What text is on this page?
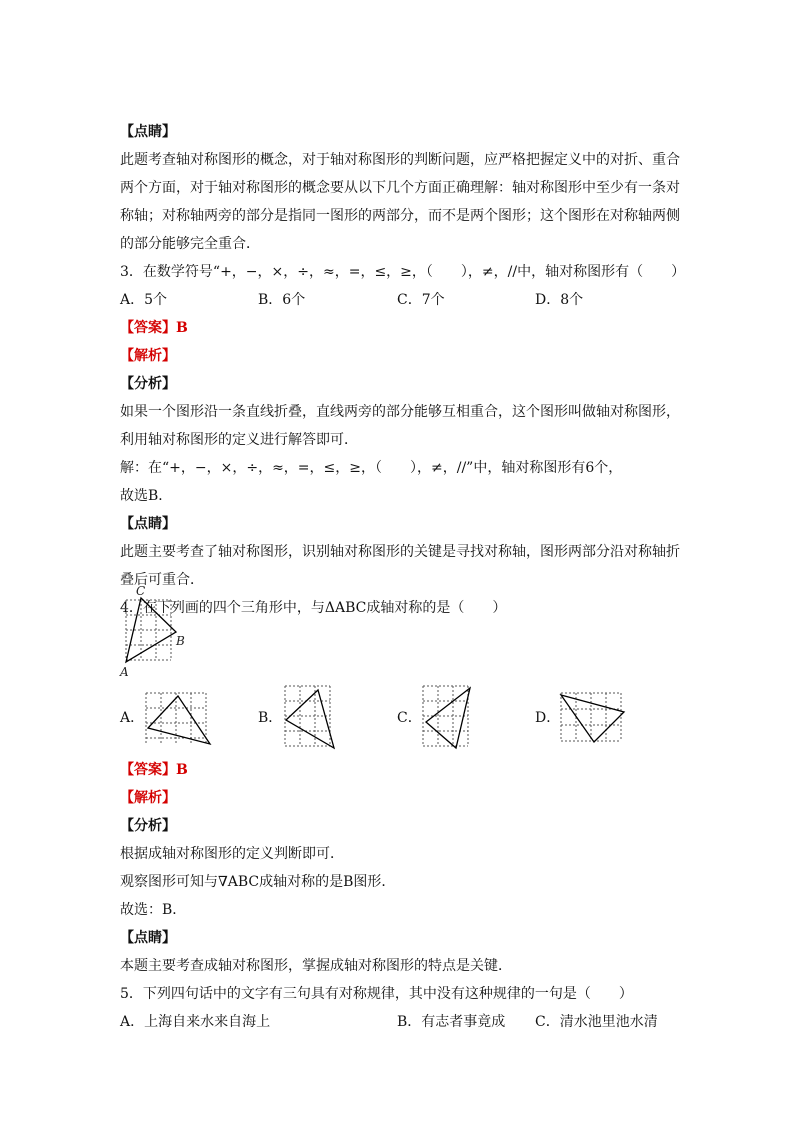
【点睛】
此题考查轴对称图形的概念，对于轴对称图形的判断问题，应严格把握定义中的对折、重合
两个方面，对于轴对称图形的概念要从以下几个方面正确理解：轴对称图形中至少有一条对
称轴；对称轴两旁的部分是指同一图形的两部分，而不是两个图形；这个图形在对称轴两侧
的部分能够完全重合．
3．在数学符号“+，−，×，÷，≈，=，≤，≥，（　　），≠，//中，轴对称图形有（　　）
A．5个	B．6个	C．7个	D．8个
【答案】B
【解析】
【分析】
如果一个图形沿一条直线折叠，直线两旁的部分能够互相重合，这个图形叫做轴对称图形，
利用轴对称图形的定义进行解答即可．
解：在“+，−，×，÷，≈，=，≤，≥，（　　），≠，//”中，轴对称图形有6个，
故选B．
【点睛】
此题主要考查了轴对称图形，识别轴对称图形的关键是寻找对称轴，图形两部分沿对称轴折
叠后可重合．
4．在下列画的四个三角形中，与ΔABC成轴对称的是（　　）
C
B
A
A．	B．	C．	D．
【答案】B
【解析】
【分析】
根据成轴对称图形的定义判断即可．
观察图形可知与∇ABC成轴对称的是B图形．
故选：B．
【点睛】
本题主要考查成轴对称图形，掌握成轴对称图形的特点是关键．
5．下列四句话中的文字有三句具有对称规律，其中没有这种规律的一句是（　　）
A．上海自来水来自海上	B．有志者事竟成 C．清水池里池水清
